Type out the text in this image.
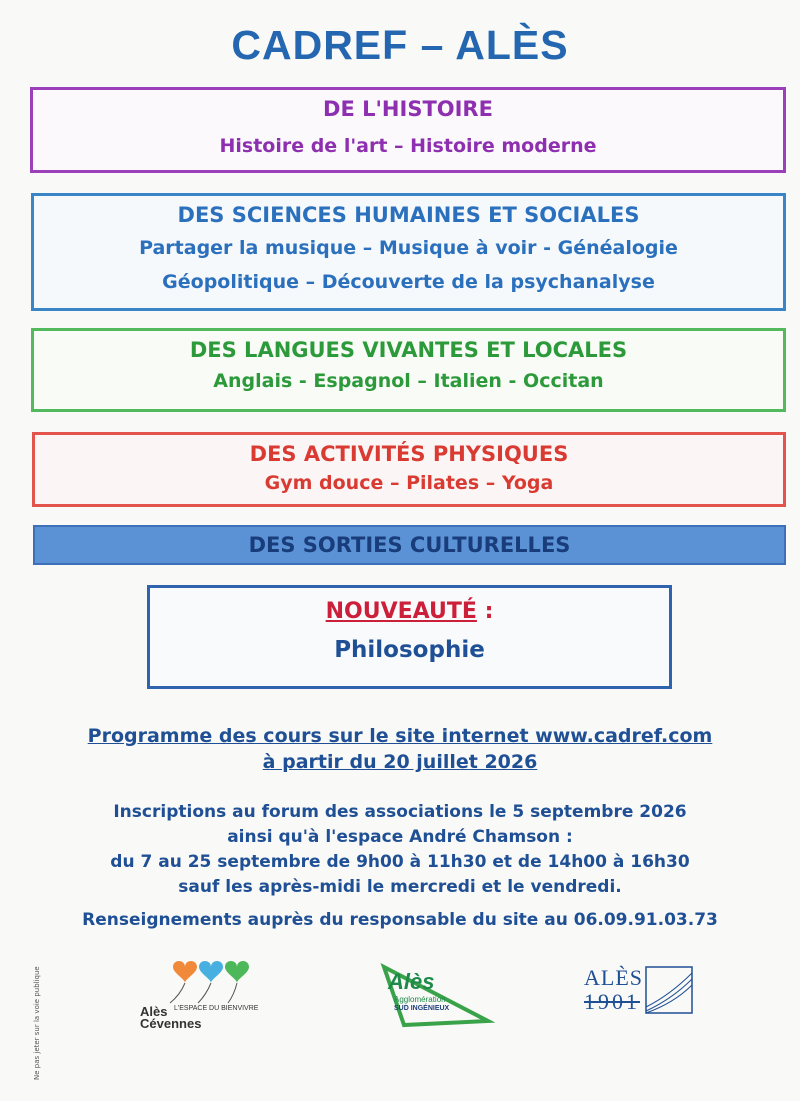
CADREF – ALÈS
DE L'HISTOIRE
Histoire de l'art – Histoire moderne
DES SCIENCES HUMAINES ET SOCIALES
Partager la musique – Musique à voir - Généalogie
Géopolitique – Découverte de la psychanalyse
DES LANGUES VIVANTES ET LOCALES
Anglais - Espagnol – Italien - Occitan
DES ACTIVITÉS PHYSIQUES
Gym douce – Pilates – Yoga
DES SORTIES CULTURELLES
NOUVEAUTÉ :
Philosophie
Programme des cours sur le site internet www.cadref.com
à partir du 20 juillet 2026
Inscriptions au forum des associations le 5 septembre 2026
ainsi qu'à l'espace André Chamson :
du 7 au 25 septembre de 9h00 à 11h30 et de 14h00 à 16h30
sauf les après-midi le mercredi et le vendredi.
Renseignements auprès du responsable du site au 06.09.91.03.73
Ne pas jeter sur la voie publique	Alès L'ESPACE DU BIENVIVRE
Cévennes
Alès
Agglomération
SUD INGÉNIEUX
ALÈS
1901
